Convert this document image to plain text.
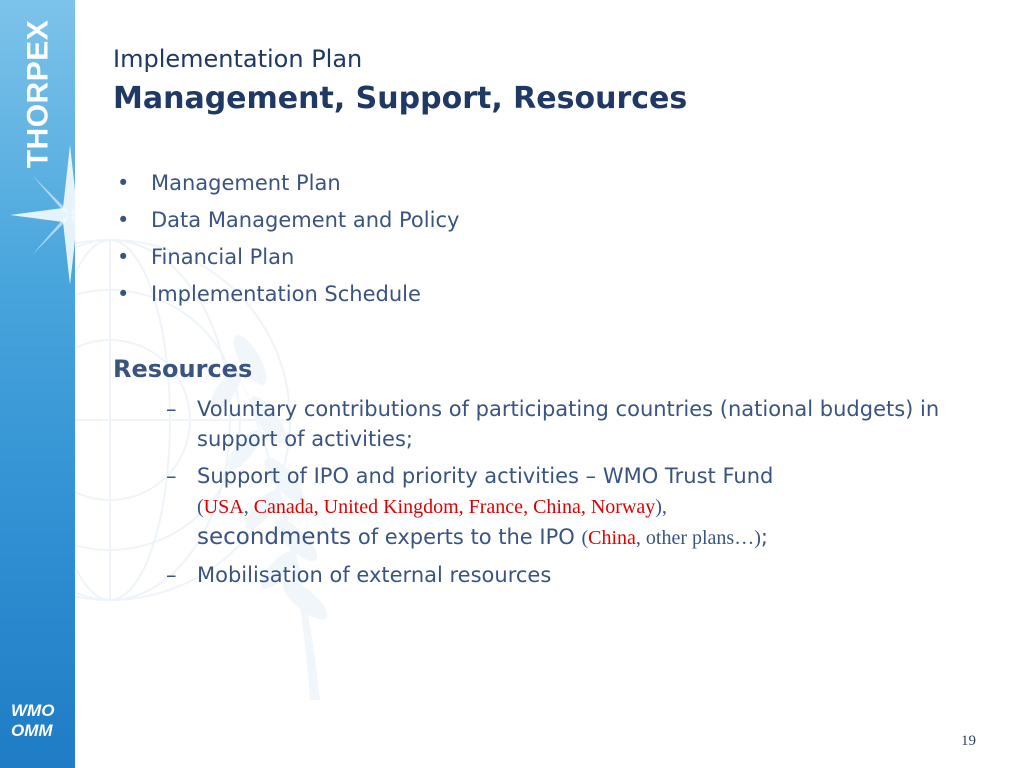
THORPEX
WMO
OMM
Implementation Plan
Management, Support, Resources
• Management Plan
• Data Management and Policy
• Financial Plan
• Implementation Schedule
Resources
– Voluntary contributions of participating countries (national budgets) in support of activities;
– Support of IPO and priority activities – WMO Trust Fund
(USA, Canada, United Kingdom, France, China, Norway),
secondments of experts to the IPO (China, other plans…);
– Mobilisation of external resources
19
